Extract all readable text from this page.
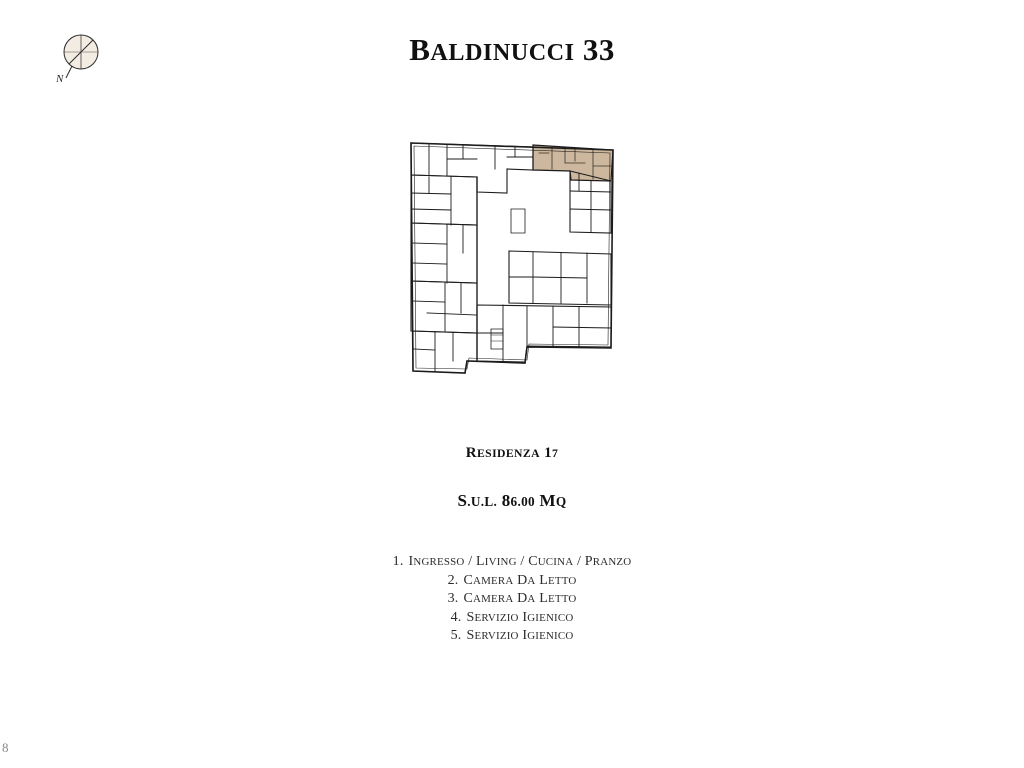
N
BALDINUCCI 33
RESIDENZA 17
S.U.L. 86.00 MQ
1. INGRESSO / LIVING / CUCINA / PRANZO
2. CAMERA DA LETTO
3. CAMERA DA LETTO
4. SERVIZIO IGIENICO
5. SERVIZIO IGIENICO
8
